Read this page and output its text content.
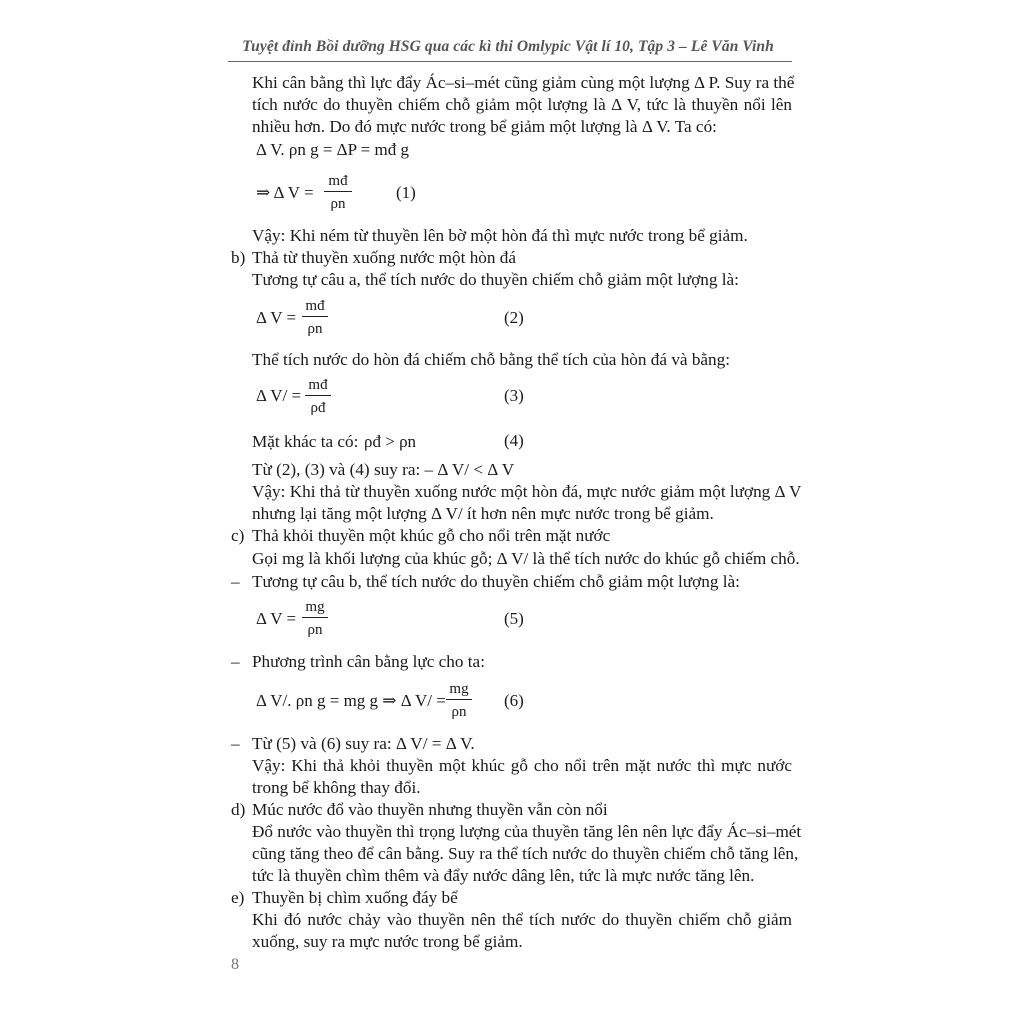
Tuyệt đỉnh Bồi dưỡng HSG qua các kì thi Omlypic Vật lí 10, Tập 3 – Lê Văn Vinh
Khi cân bằng thì lực đẩy Ác–si–mét cũng giảm cùng một lượng Δ P. Suy ra thể
tích nước do thuyền chiếm chỗ giảm một lượng là Δ V, tức là thuyền nổi lên
nhiều hơn. Do đó mực nước trong bể giảm một lượng là Δ V. Ta có:
Δ V. ρn g = ΔP = mđ g
⇒ Δ V =
mđ
ρn
(1)
Vậy: Khi ném từ thuyền lên bờ một hòn đá thì mực nước trong bể giảm.
b) Thả từ thuyền xuống nước một hòn đá
Tương tự câu a, thể tích nước do thuyền chiếm chỗ giảm một lượng là:
Δ V =
mđ
ρn
(2)
Thể tích nước do hòn đá chiếm chỗ bằng thể tích của hòn đá và bằng:
Δ V/ =
mđ
ρđ
(3)
Mặt khác ta có: ρđ > ρn	(4)
Từ (2), (3) và (4) suy ra: – Δ V/ < Δ V
Vậy: Khi thả từ thuyền xuống nước một hòn đá, mực nước giảm một lượng Δ V
nhưng lại tăng một lượng Δ V/ ít hơn nên mực nước trong bể giảm.
c) Thả khỏi thuyền một khúc gỗ cho nổi trên mặt nước
Gọi mg là khối lượng của khúc gỗ; Δ V/ là thể tích nước do khúc gỗ chiếm chỗ.
– Tương tự câu b, thể tích nước do thuyền chiếm chỗ giảm một lượng là:
Δ V =
mg
ρn
(5)
– Phương trình cân bằng lực cho ta:
Δ V/. ρn g = mg g ⇒ Δ V/ =
mg
ρn
(6)
– Từ (5) và (6) suy ra: Δ V/ = Δ V.
Vậy: Khi thả khỏi thuyền một khúc gỗ cho nổi trên mặt nước thì mực nước
trong bể không thay đổi.
d) Múc nước đổ vào thuyền nhưng thuyền vẫn còn nổi
Đổ nước vào thuyền thì trọng lượng của thuyền tăng lên nên lực đẩy Ác–si–mét
cũng tăng theo để cân bằng. Suy ra thể tích nước do thuyền chiếm chỗ tăng lên,
tức là thuyền chìm thêm và đẩy nước dâng lên, tức là mực nước tăng lên.
e) Thuyền bị chìm xuống đáy bể
Khi đó nước chảy vào thuyền nên thể tích nước do thuyền chiếm chỗ giảm
xuống, suy ra mực nước trong bể giảm.
8
